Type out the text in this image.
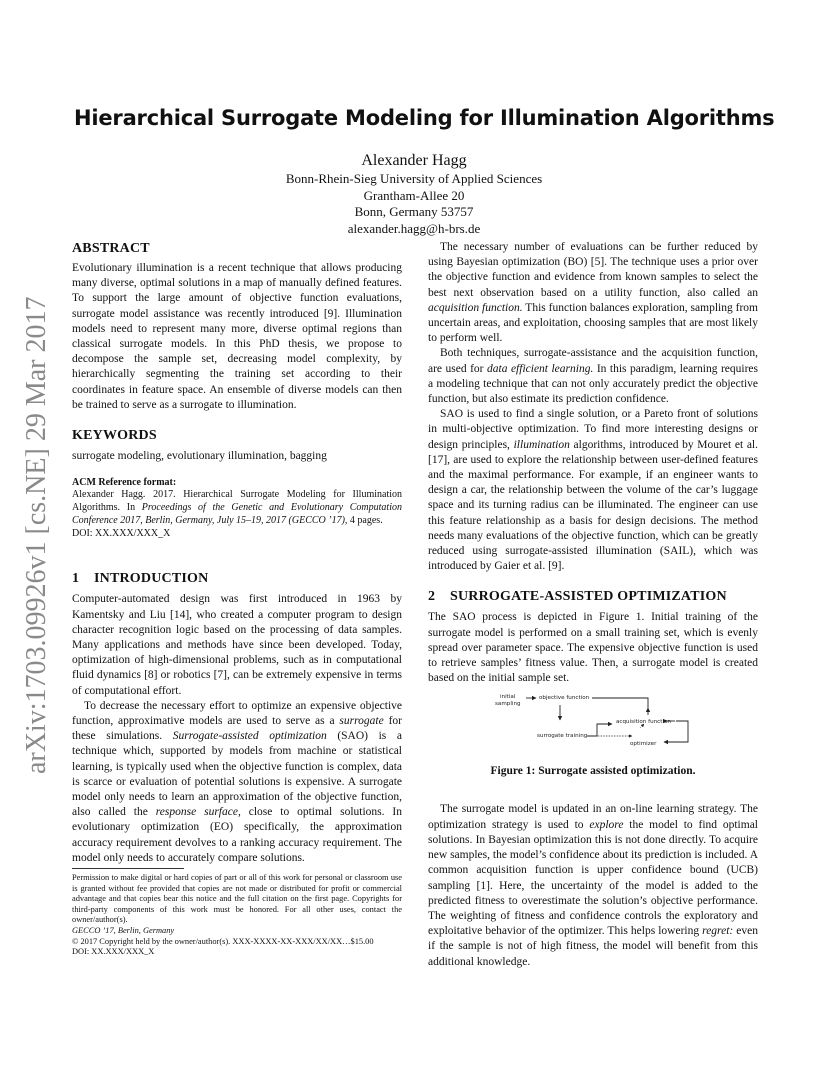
arXiv:1703.09926v1 [cs.NE] 29 Mar 2017
Hierarchical Surrogate Modeling for Illumination Algorithms
Alexander Hagg
Bonn-Rhein-Sieg University of Applied Sciences
Grantham-Allee 20
Bonn, Germany 53757
alexander.hagg@h-brs.de
ABSTRACT

Evolutionary illumination is a recent technique that allows producing many diverse, optimal solutions in a map of manually defined features. To support the large amount of objective function evaluations, surrogate model assistance was recently introduced [9]. Illumination models need to represent many more, diverse optimal regions than classical surrogate models. In this PhD thesis, we propose to decompose the sample set, decreasing model complexity, by hierarchically segmenting the training set according to their coordinates in feature space. An ensemble of diverse models can then be trained to serve as a surrogate to illumination.

KEYWORDS

surrogate modeling, evolutionary illumination, bagging

ACM Reference format:

Alexander Hagg. 2017. Hierarchical Surrogate Modeling for Illumination Algorithms. In Proceedings of the Genetic and Evolutionary Computation Conference 2017, Berlin, Germany, July 15–19, 2017 (GECCO ’17), 4 pages.
DOI: XX.XXX/XXX_X

1 INTRODUCTION

Computer-automated design was first introduced in 1963 by Kamentsky and Liu [14], who created a computer program to design character recognition logic based on the processing of data samples. Many applications and methods have since been developed. Today, optimization of high-dimensional problems, such as in computational fluid dynamics [8] or robotics [7], can be extremely expensive in terms of computational effort.

To decrease the necessary effort to optimize an expensive objective function, approximative models are used to serve as a surrogate for these simulations. Surrogate-assisted optimization (SAO) is a technique which, supported by models from machine or statistical learning, is typically used when the objective function is complex, data is scarce or evaluation of potential solutions is expensive. A surrogate model only needs to learn an approximation of the objective function, also called the response surface, close to optimal solutions. In evolutionary optimization (EO) specifically, the approximation accuracy requirement devolves to a ranking accuracy requirement. The model only needs to accurately compare solutions.

Permission to make digital or hard copies of part or all of this work for personal or classroom use is granted without fee provided that copies are not made or distributed for profit or commercial advantage and that copies bear this notice and the full citation on the first page. Copyrights for third-party components of this work must be honored. For all other uses, contact the owner/author(s).

GECCO ’17, Berlin, Germany

© 2017 Copyright held by the owner/author(s). XXX-XXXX-XX-XXX/XX/XX…$15.00

DOI: XX.XXX/XXX_X

The necessary number of evaluations can be further reduced by using Bayesian optimization (BO) [5]. The technique uses a prior over the objective function and evidence from known samples to select the best next observation based on a utility function, also called an acquisition function. This function balances exploration, sampling from uncertain areas, and exploitation, choosing samples that are most likely to perform well.

Both techniques, surrogate-assistance and the acquisition function, are used for data efficient learning. In this paradigm, learning requires a modeling technique that can not only accurately predict the objective function, but also estimate its prediction confidence.

SAO is used to find a single solution, or a Pareto front of solutions in multi-objective optimization. To find more interesting designs or design principles, illumination algorithms, introduced by Mouret et al. [17], are used to explore the relationship between user-defined features and the maximal performance. For example, if an engineer wants to design a car, the relationship between the volume of the car’s luggage space and its turning radius can be illuminated. The engineer can use this feature relationship as a basis for design decisions. The method needs many evaluations of the objective function, which can be greatly reduced using surrogate-assisted illumination (SAIL), which was introduced by Gaier et al. [9].

2 SURROGATE-ASSISTED OPTIMIZATION

The SAO process is depicted in Figure 1. Initial training of the surrogate model is performed on a small training set, which is evenly spread over parameter space. The expensive objective function is used to retrieve samples’ fitness value. Then, a surrogate model is created based on the initial sample set.

The surrogate model is updated in an on-line learning strategy. The optimization strategy is used to explore the model to find optimal solutions. In Bayesian optimization this is not done directly. To acquire new samples, the model’s confidence about its prediction is included. A common acquisition function is upper confidence bound (UCB) sampling [1]. Here, the uncertainty of the model is added to the predicted fitness to overestimate the solution’s objective performance. The weighting of fitness and confidence controls the exploratory and exploitative behavior of the optimizer. This helps lowering regret: even if the sample is not of high fitness, the model will benefit from this additional knowledge.

initial
sampling
objective function
acquisition function
surrogate training
optimizer
Figure 1: Surrogate assisted optimization.
